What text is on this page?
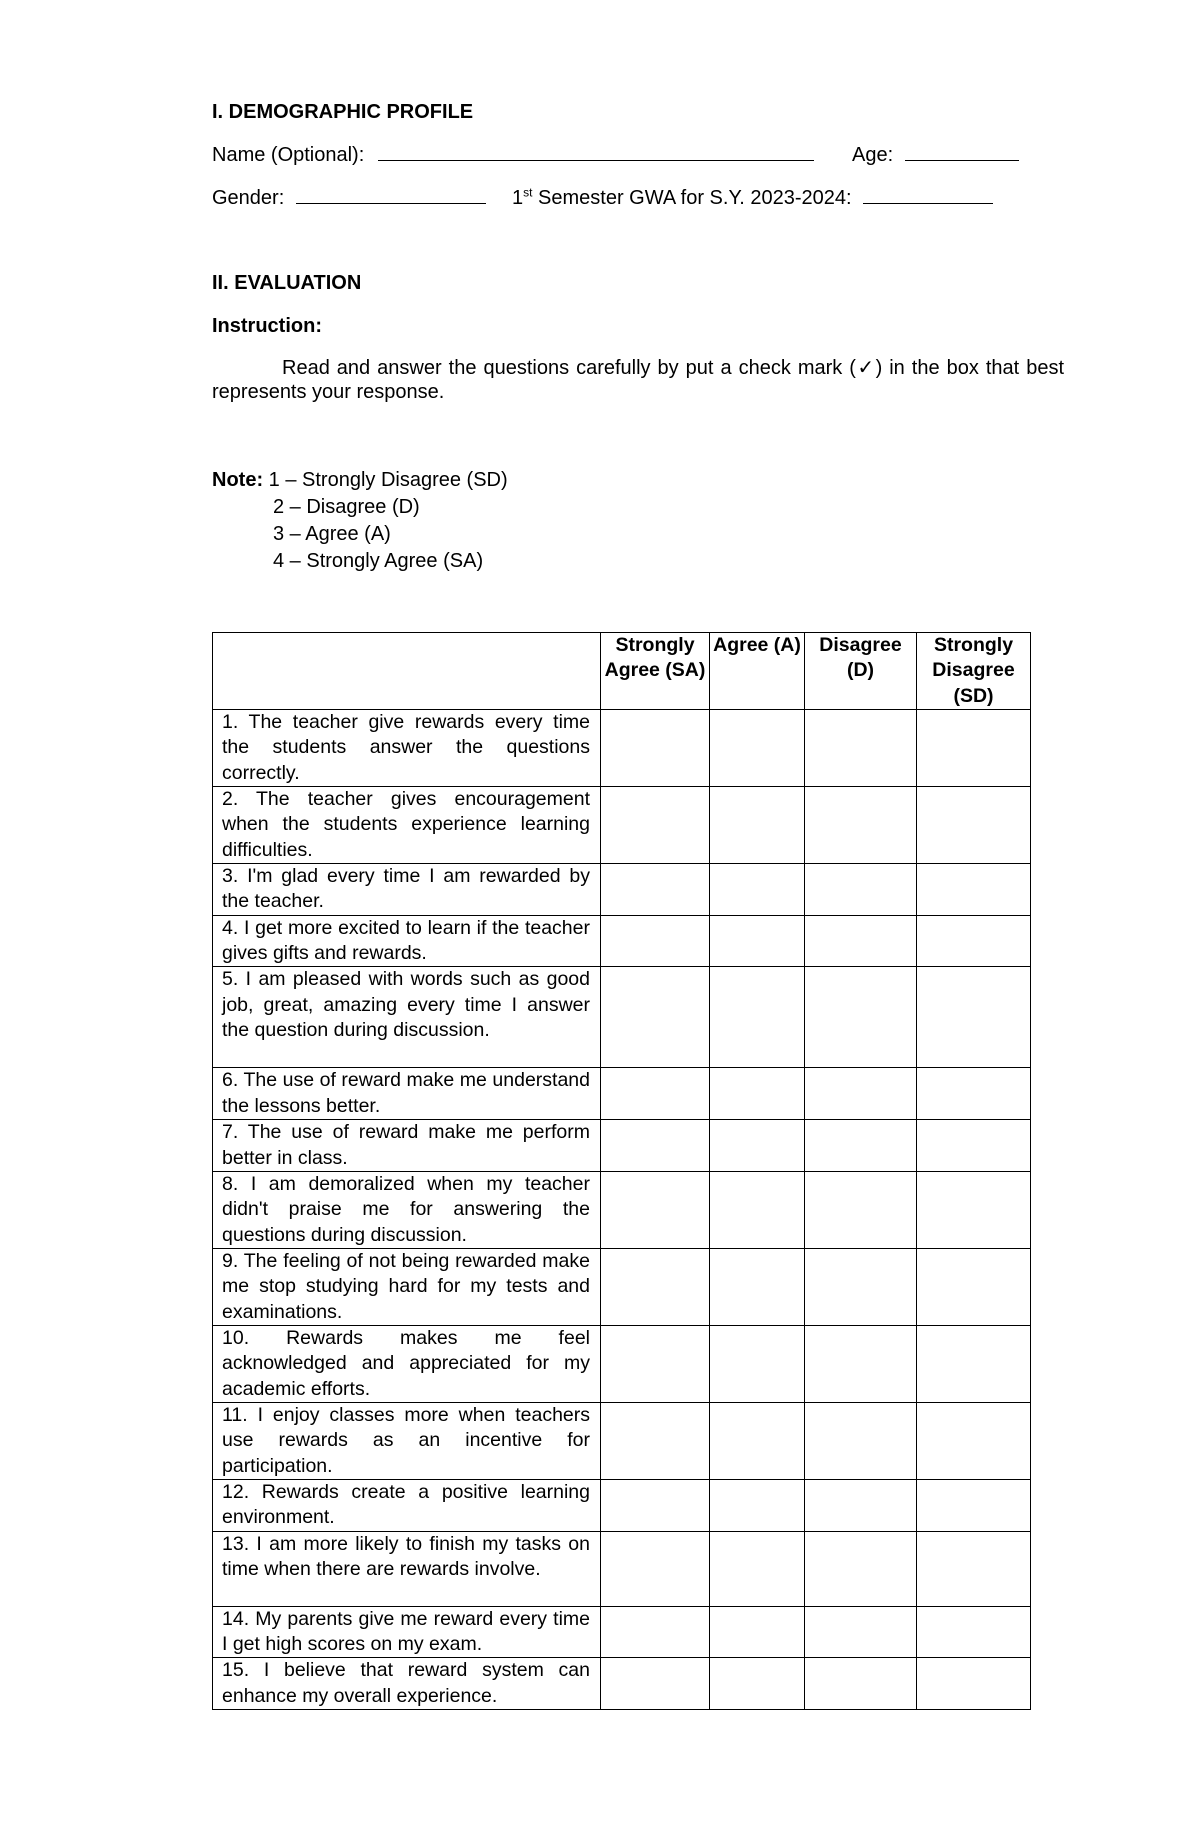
I. DEMOGRAPHIC PROFILE
Name (Optional):	Age:
Gender:	1st Semester GWA for S.Y. 2023-2024:
II. EVALUATION
Instruction:
Read and answer the questions carefully by put a check mark (✓) in the box that best represents your response.
Note: 1 – Strongly Disagree (SD)
2 – Disagree (D)
3 – Agree (A)
4 – Strongly Agree (SA)
	Strongly Agree (SA)	Agree (A)	Disagree (D)	Strongly Disagree (SD)
1. The teacher give rewards every time the students answer the questions correctly.				
2. The teacher gives encouragement when the students experience learning difficulties.				
3. I'm glad every time I am rewarded by the teacher.				
4. I get more excited to learn if the teacher gives gifts and rewards.				
5. I am pleased with words such as good job, great, amazing every time I answer the question during discussion.				
6. The use of reward make me understand the lessons better.				
7. The use of reward make me perform better in class.				
8. I am demoralized when my teacher didn't praise me for answering the questions during discussion.				
9. The feeling of not being rewarded make me stop studying hard for my tests and examinations.				
10. Rewards makes me feel acknowledged and appreciated for my academic efforts.				
11. I enjoy classes more when teachers use rewards as an incentive for participation.				
12. Rewards create a positive learning environment.				
13. I am more likely to finish my tasks on time when there are rewards involve.				
14. My parents give me reward every time I get high scores on my exam.				
15. I believe that reward system can enhance my overall experience.				
